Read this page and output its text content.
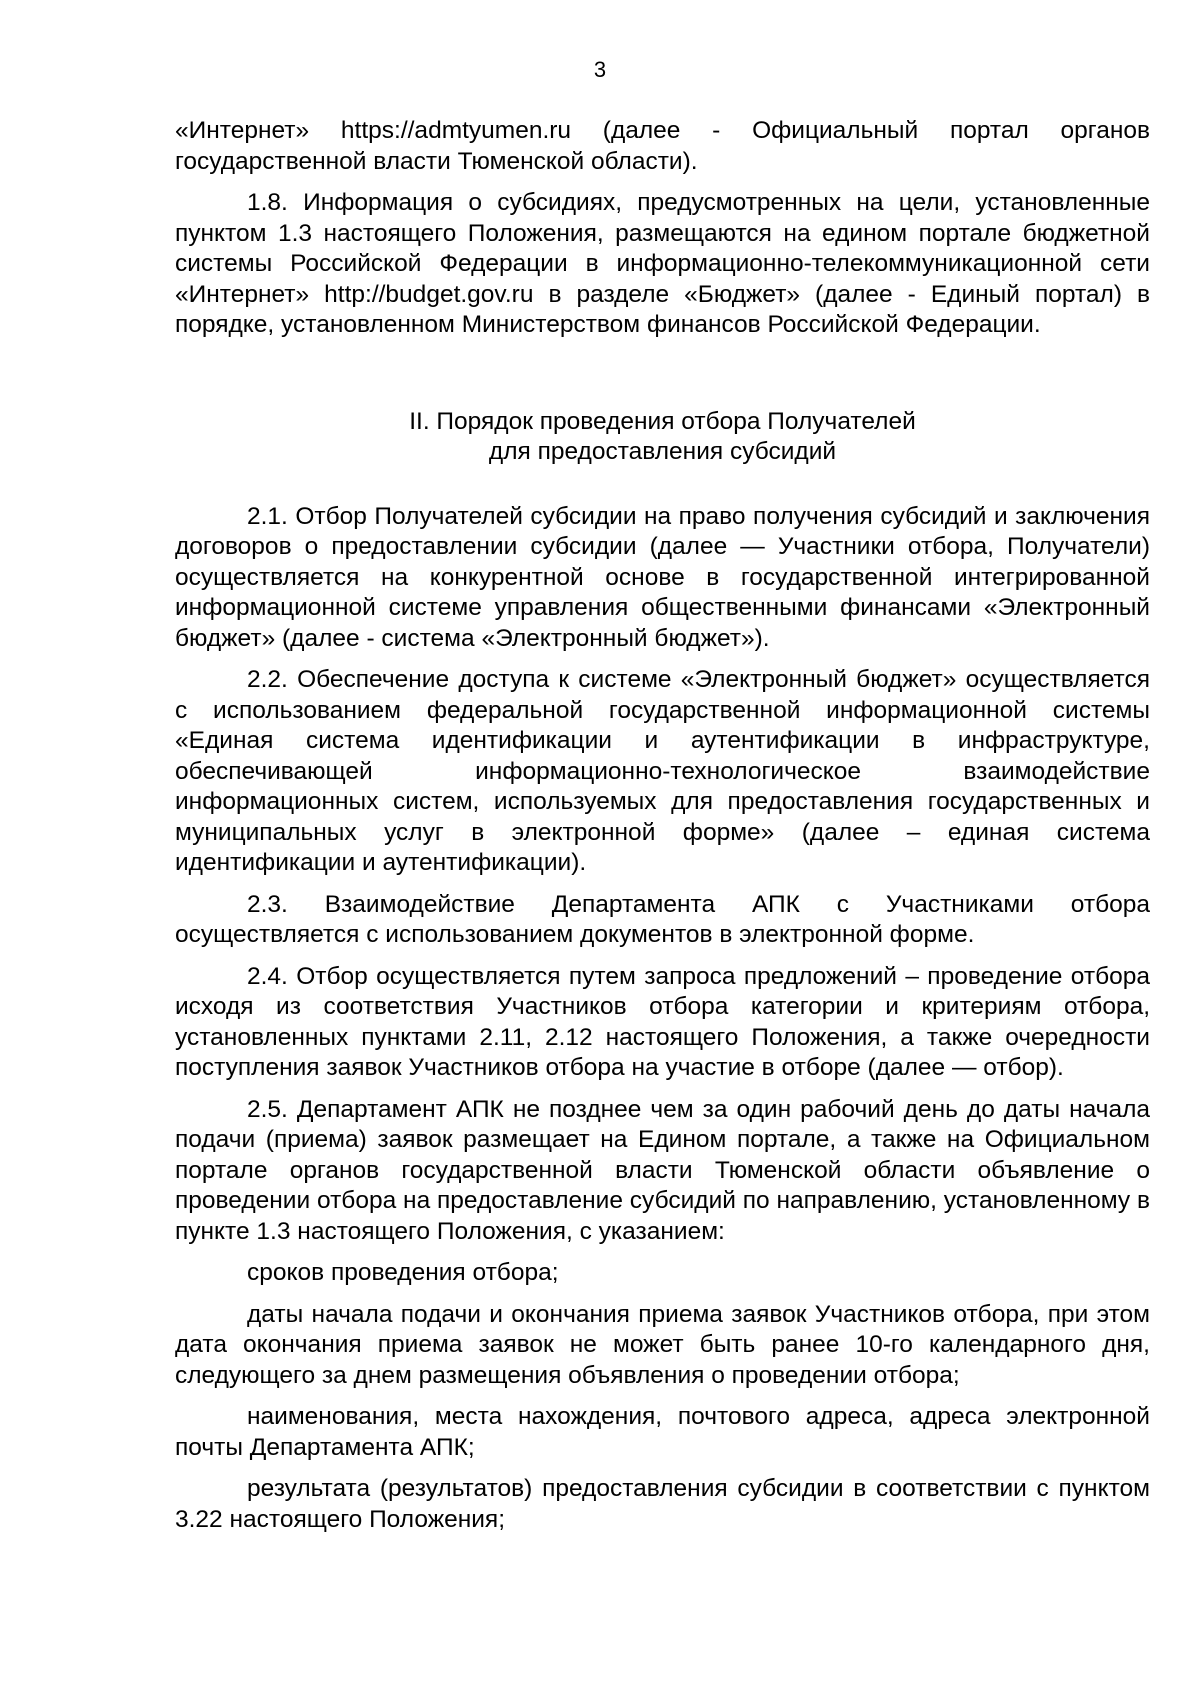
3

«Интернет» https://admtyumen.ru (далее - Официальный портал органов государственной власти Тюменской области).

1.8. Информация о субсидиях, предусмотренных на цели, установленные пунктом 1.3 настоящего Положения, размещаются на едином портале бюджетной системы Российской Федерации в информационно-телекоммуникационной сети «Интернет» http://budget.gov.ru в разделе «Бюджет» (далее - Единый портал) в порядке, установленном Министерством финансов Российской Федерации.

II. Порядок проведения отбора Получателей
для предоставления субсидий

2.1. Отбор Получателей субсидии на право получения субсидий и заключения договоров о предоставлении субсидии (далее — Участники отбора, Получатели) осуществляется на конкурентной основе в государственной интегрированной информационной системе управления общественными финансами «Электронный бюджет» (далее - система «Электронный бюджет»).

2.2. Обеспечение доступа к системе «Электронный бюджет» осуществляется с использованием федеральной государственной информационной системы «Единая система идентификации и аутентификации в инфраструктуре, обеспечивающей информационно-технологическое взаимодействие информационных систем, используемых для предоставления государственных и муниципальных услуг в электронной форме» (далее – единая система идентификации и аутентификации).

2.3. Взаимодействие Департамента АПК с Участниками отбора осуществляется с использованием документов в электронной форме.

2.4. Отбор осуществляется путем запроса предложений – проведение отбора исходя из соответствия Участников отбора категории и критериям отбора, установленных пунктами 2.11, 2.12 настоящего Положения, а также очередности поступления заявок Участников отбора на участие в отборе (далее — отбор).

2.5. Департамент АПК не позднее чем за один рабочий день до даты начала подачи (приема) заявок размещает на Едином портале, а также на Официальном портале органов государственной власти Тюменской области объявление о проведении отбора на предоставление субсидий по направлению, установленному в пункте 1.3 настоящего Положения, с указанием:

сроков проведения отбора;

даты начала подачи и окончания приема заявок Участников отбора, при этом дата окончания приема заявок не может быть ранее 10-го календарного дня, следующего за днем размещения объявления о проведении отбора;

наименования, места нахождения, почтового адреса, адреса электронной почты Департамента АПК;

результата (результатов) предоставления субсидии в соответствии с пунктом 3.22 настоящего Положения;
